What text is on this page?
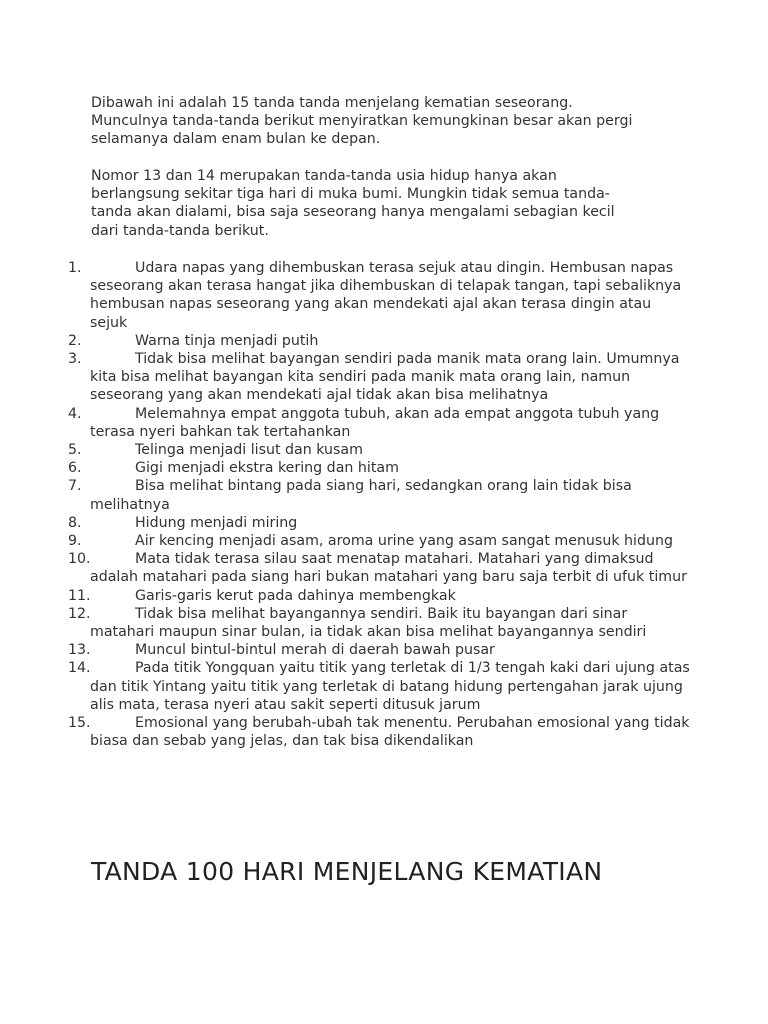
Dibawah ini adalah 15 tanda tanda menjelang kematian seseorang.
Munculnya tanda-tanda berikut menyiratkan kemungkinan besar akan pergi
selamanya dalam enam bulan ke depan.

Nomor 13 dan 14 merupakan tanda-tanda usia hidup hanya akan
berlangsung sekitar tiga hari di muka bumi. Mungkin tidak semua tanda-
tanda akan dialami, bisa saja seseorang hanya mengalami sebagian kecil
dari tanda-tanda berikut.

1.	Udara napas yang dihembuskan terasa sejuk atau dingin. Hembusan napas seseorang akan terasa hangat jika dihembuskan di telapak tangan, tapi sebaliknya hembusan napas seseorang yang akan mendekati ajal akan terasa dingin atau sejuk
2.	Warna tinja menjadi putih
3.	Tidak bisa melihat bayangan sendiri pada manik mata orang lain. Umumnya kita bisa melihat bayangan kita sendiri pada manik mata orang lain, namun seseorang yang akan mendekati ajal tidak akan bisa melihatnya
4.	Melemahnya empat anggota tubuh, akan ada empat anggota tubuh yang terasa nyeri bahkan tak tertahankan
5.	Telinga menjadi lisut dan kusam
6.	Gigi menjadi ekstra kering dan hitam
7.	Bisa melihat bintang pada siang hari, sedangkan orang lain tidak bisa melihatnya
8.	Hidung menjadi miring
9.	Air kencing menjadi asam, aroma urine yang asam sangat menusuk hidung
10.	Mata tidak terasa silau saat menatap matahari. Matahari yang dimaksud adalah matahari pada siang hari bukan matahari yang baru saja terbit di ufuk timur
11.	Garis-garis kerut pada dahinya membengkak
12.	Tidak bisa melihat bayangannya sendiri. Baik itu bayangan dari sinar matahari maupun sinar bulan, ia tidak akan bisa melihat bayangannya sendiri
13.	Muncul bintul-bintul merah di daerah bawah pusar
14.	Pada titik Yongquan yaitu titik yang terletak di 1/3 tengah kaki dari ujung atas dan titik Yintang yaitu titik yang terletak di batang hidung pertengahan jarak ujung alis mata, terasa nyeri atau sakit seperti ditusuk jarum
15.	Emosional yang berubah-ubah tak menentu. Perubahan emosional yang tidak biasa dan sebab yang jelas, dan tak bisa dikendalikan
TANDA 100 HARI MENJELANG KEMATIAN
